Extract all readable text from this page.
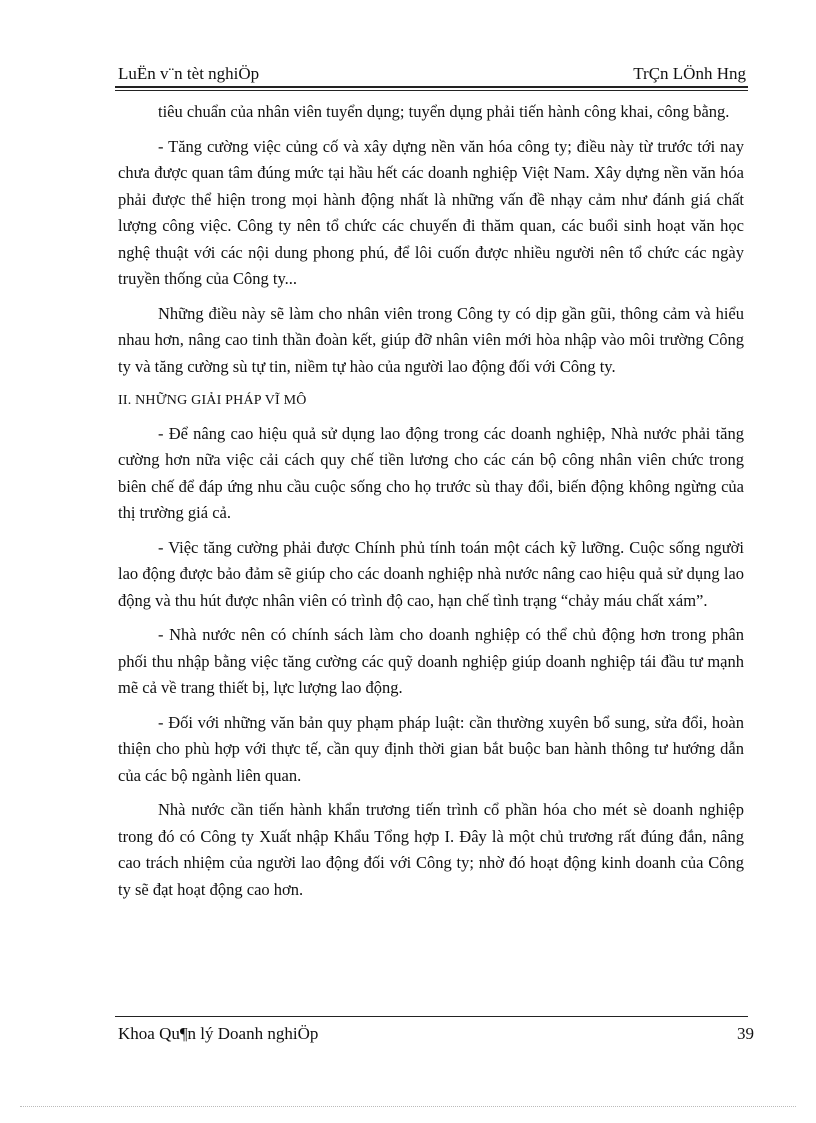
LuËn v¨n tèt nghiÖp	TrÇn LÖnh Hng

tiêu chuẩn của nhân viên tuyển dụng; tuyển dụng phải tiến hành công khai, công bằng.

- Tăng cường việc củng cố và xây dựng nền văn hóa công ty; điều này từ trước tới nay chưa được quan tâm đúng mức tại hầu hết các doanh nghiệp Việt Nam. Xây dựng nền văn hóa phải được thể hiện trong mọi hành động nhất là những vấn đề nhạy cảm như đánh giá chất lượng công việc. Công ty nên tổ chức các chuyến đi thăm quan, các buổi sinh hoạt văn học nghệ thuật với các nội dung phong phú, để lôi cuốn được nhiều người nên tổ chức các ngày truyền thống của Công ty...

Những điều này sẽ làm cho nhân viên trong Công ty có dịp gần gũi, thông cảm và hiểu nhau hơn, nâng cao tinh thần đoàn kết, giúp đỡ nhân viên mới hòa nhập vào môi trường Công ty và tăng cường sù tự tin, niềm tự hào của người lao động đối với Công ty.

II. NHỮNG GIẢI PHÁP VĨ MÔ

- Để nâng cao hiệu quả sử dụng lao động trong các doanh nghiệp, Nhà nước phải tăng cường hơn nữa việc cải cách quy chế tiền lương cho các cán bộ công nhân viên chức trong biên chế để đáp ứng nhu cầu cuộc sống cho họ trước sù thay đổi, biến động không ngừng của thị trường giá cả.

- Việc tăng cường phải được Chính phủ tính toán một cách kỹ lưỡng. Cuộc sống người lao động được bảo đảm sẽ giúp cho các doanh nghiệp nhà nước nâng cao hiệu quả sử dụng lao động và thu hút được nhân viên có trình độ cao, hạn chế tình trạng “chảy máu chất xám”.

- Nhà nước nên có chính sách làm cho doanh nghiệp có thể chủ động hơn trong phân phối thu nhập bằng việc tăng cường các quỹ doanh nghiệp giúp doanh nghiệp tái đầu tư mạnh mẽ cả về trang thiết bị, lực lượng lao động.

- Đối với những văn bản quy phạm pháp luật: cần thường xuyên bổ sung, sửa đổi, hoàn thiện cho phù hợp với thực tế, cần quy định thời gian bắt buộc ban hành thông tư hướng dẫn của các bộ ngành liên quan.

Nhà nước cần tiến hành khẩn trương tiến trình cổ phần hóa cho mét sè doanh nghiệp trong đó có Công ty Xuất nhập Khẩu Tổng hợp I. Đây là một chủ trương rất đúng đắn, nâng cao trách nhiệm của người lao động đối với Công ty; nhờ đó hoạt động kinh doanh của Công ty sẽ đạt hoạt động cao hơn.

Khoa Qu¶n lý Doanh nghiÖp	39
